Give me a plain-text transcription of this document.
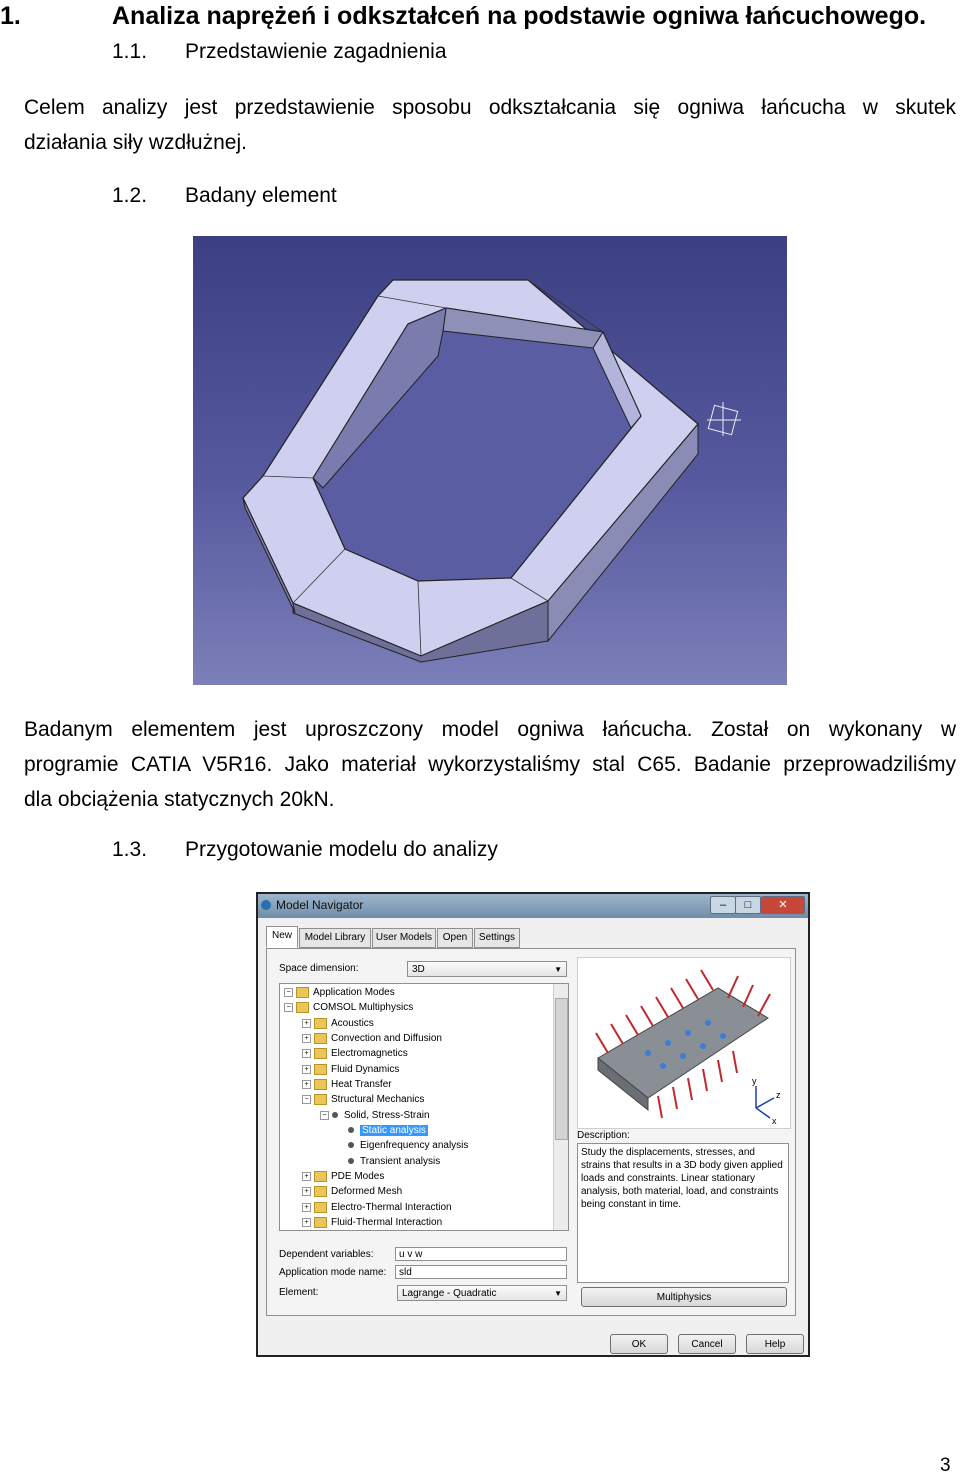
1.	Analiza naprężeń i odkształceń na podstawie ogniwa łańcuchowego.
1.1. Przedstawienie zagadnienia
Celem analizy jest przedstawienie sposobu odkształcania się ogniwa łańcucha w skutek
działania siły wzdłużnej.
1.2. Badany element
Badanym elementem jest uproszczony model ogniwa łańcucha. Został on wykonany w
programie CATIA V5R16. Jako materiał wykorzystaliśmy stal C65. Badanie przeprowadziliśmy
dla obciążenia statycznych 20kN.
1.3. Przygotowanie modelu do analizy
Model Navigator	–	□	✕
New	Model Library	User Models	Open	Settings
Space dimension:	3D	▼
− Application Modes
− COMSOL Multiphysics
+ Acoustics
+ Convection and Diffusion
+ Electromagnetics
+ Fluid Dynamics
+ Heat Transfer
− Structural Mechanics
− Solid, Stress-Strain
Static analysis
Eigenfrequency analysis
Transient analysis
+ PDE Modes
+ Deformed Mesh
+ Electro-Thermal Interaction
+ Fluid-Thermal Interaction
y
z
x
Description:
Study the displacements, stresses, and strains that results in a 3D body given applied loads and constraints. Linear stationary analysis, both material, load, and constraints being constant in time.
Dependent variables:	u v w
Application mode name:	sld
Element:	Lagrange - Quadratic	▼	Multiphysics
OK	Cancel	Help
3
